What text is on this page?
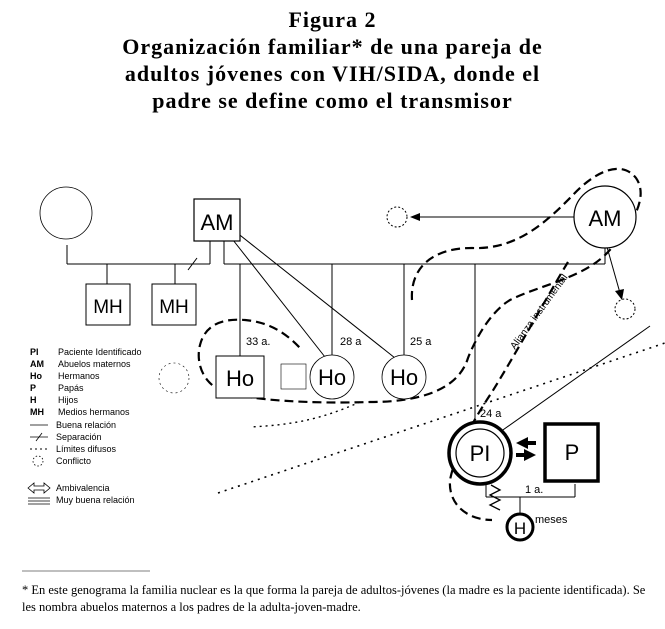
Figura 2
Organización familiar* de una pareja de
adultos jóvenes con VIH/SIDA, donde el
padre se define como el transmisor
AM	AM
MH MH
Ho	Ho Ho
PI	P
H
33 a.	28 a	25 a
24 a
1 a.
meses
Alianza instrumental
PI Paciente Identificado
AM Abuelos maternos
Ho Hermanos
P Papás
H Hijos
MH Medios hermanos
Buena relación
Separación
Límites difusos
Conflicto
Ambivalencia
Muy buena relación
* En este genograma la familia nuclear es la que forma la pareja de adultos-jóvenes (la madre es la paciente identificada). Se les nombra abuelos maternos a los padres de la adulta-joven-madre.
